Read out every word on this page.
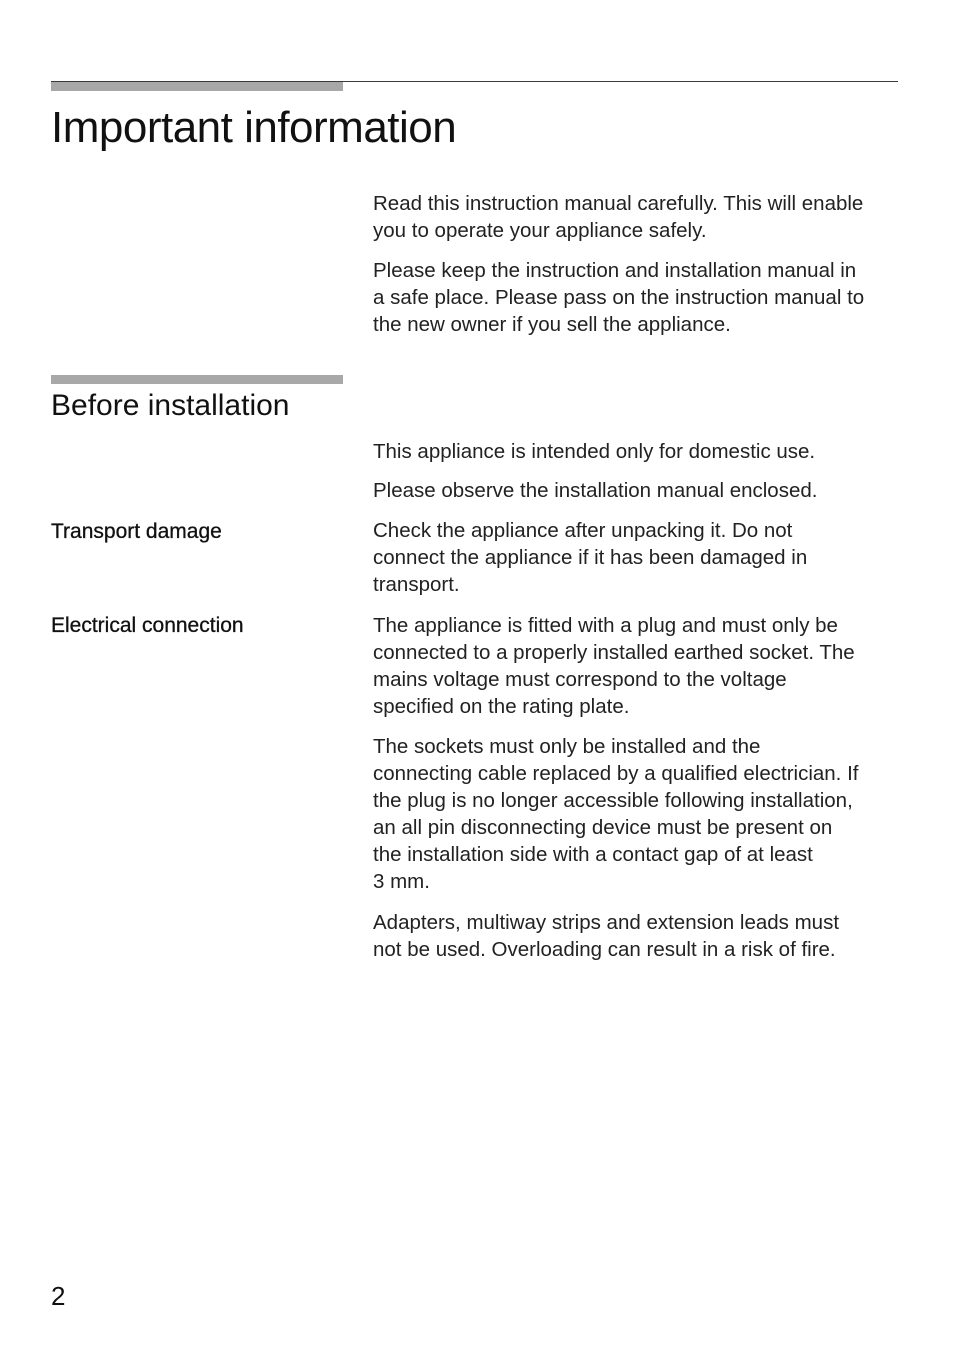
Important information

Read this instruction manual carefully. This will enable
you to operate your appliance safely.

Please keep the instruction and installation manual in
a safe place. Please pass on the instruction manual to
the new owner if you sell the appliance.

Before installation

This appliance is intended only for domestic use.

Please observe the installation manual enclosed.

Transport damage	Check the appliance after unpacking it. Do not
connect the appliance if it has been damaged in
transport.

Electrical connection	The appliance is fitted with a plug and must only be
connected to a properly installed earthed socket. The
mains voltage must correspond to the voltage
specified on the rating plate.

The sockets must only be installed and the
connecting cable replaced by a qualified electrician. If
the plug is no longer accessible following installation,
an all pin disconnecting device must be present on
the installation side with a contact gap of at least
3 mm.

Adapters, multiway strips and extension leads must
not be used. Overloading can result in a risk of fire.

2
